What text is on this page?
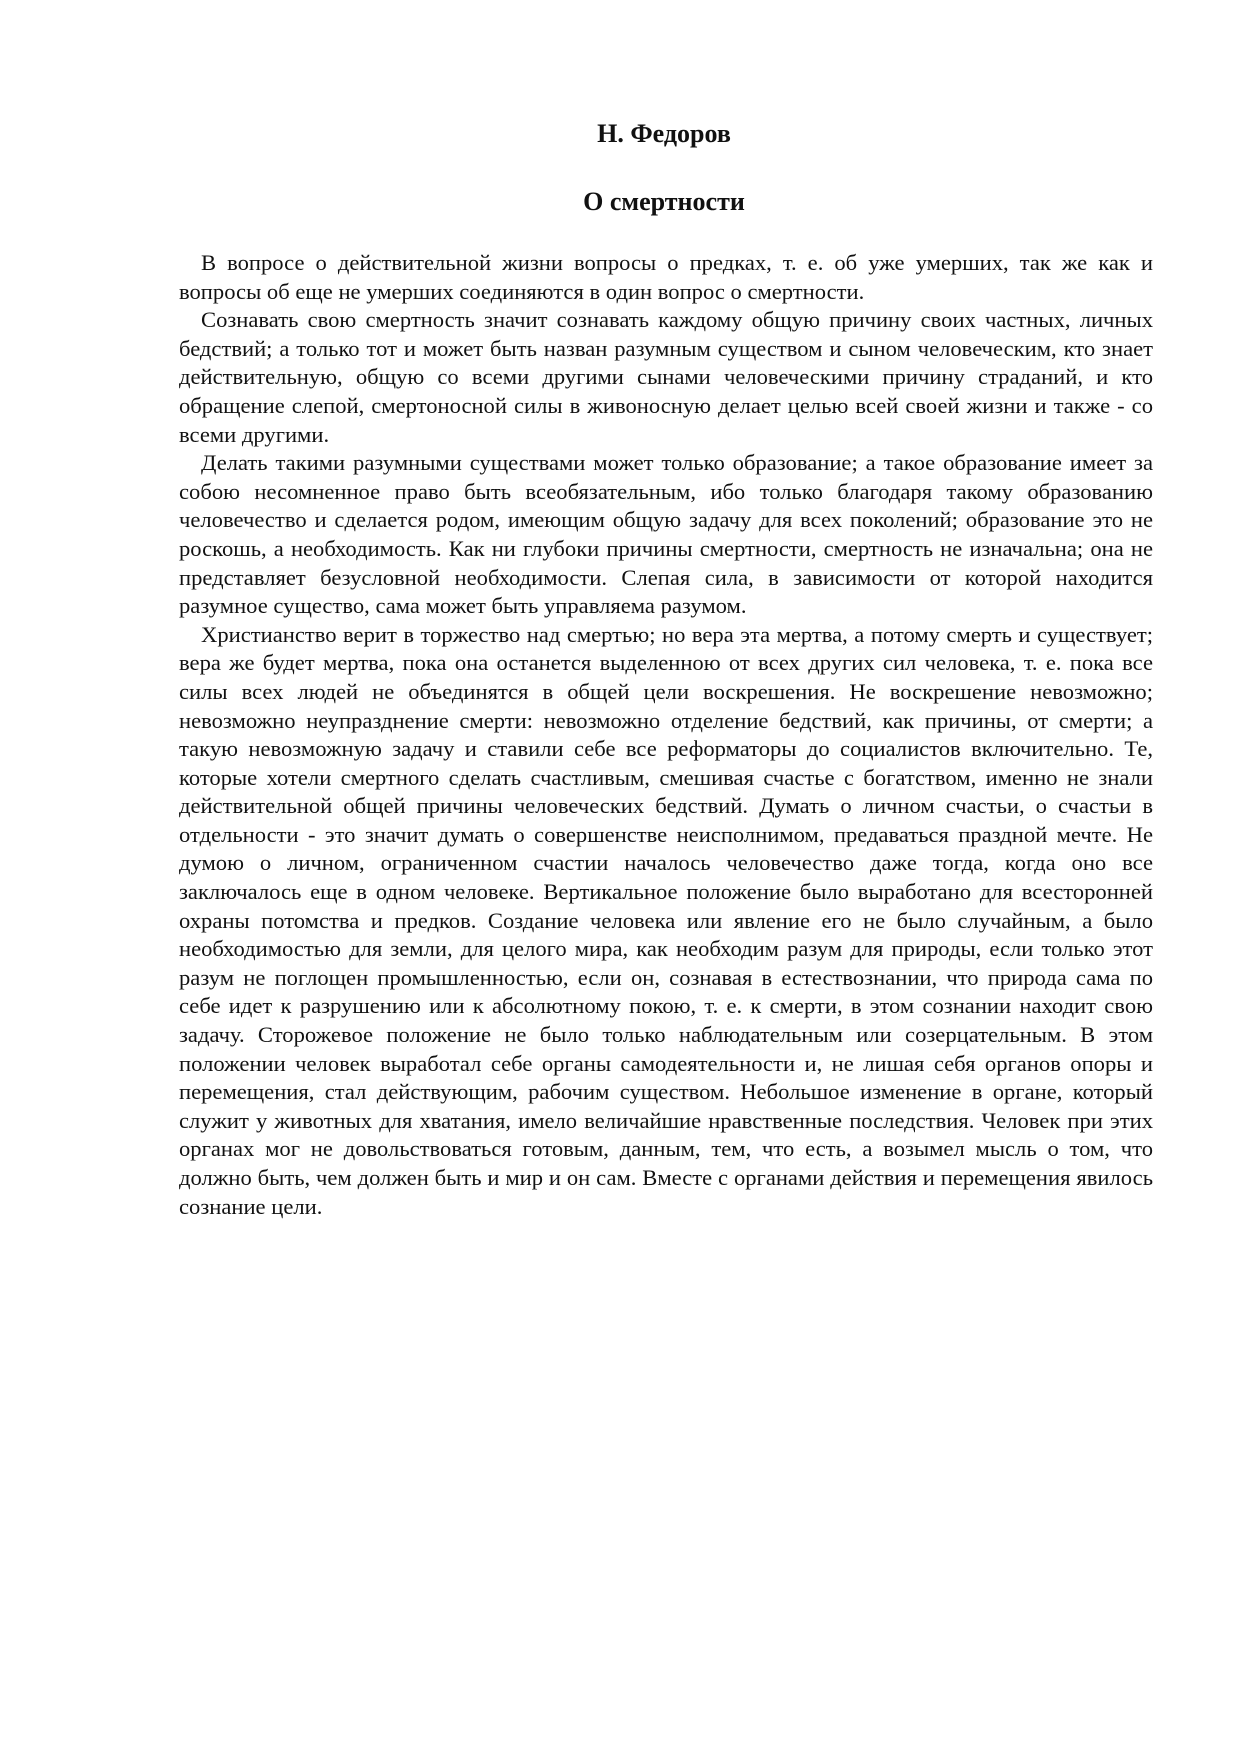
Н. Федоров
О смертности

В вопросе о действительной жизни вопросы о предках, т. е. об уже умерших, так же как и вопросы об еще не умерших соединяются в один вопрос о смертности.

Сознавать свою смертность значит сознавать каждому общую причину своих частных, личных бедствий; а только тот и может быть назван разумным существом и сыном человеческим, кто знает действительную, общую со всеми другими сынами человеческими причину страданий, и кто обращение слепой, смертоносной силы в живоносную делает целью всей своей жизни и также - со всеми другими.

Делать такими разумными существами может только образование; а такое образование имеет за собою несомненное право быть всеобязательным, ибо только благодаря такому образованию человечество и сделается родом, имеющим общую задачу для всех поколений; образование это не роскошь, а необходимость. Как ни глубоки причины смертности, смертность не изначальна; она не представляет безусловной необходимости. Слепая сила, в зависимости от которой находится разумное существо, сама может быть управляема разумом.

Христианство верит в торжество над смертью; но вера эта мертва, а потому смерть и существует; вера же будет мертва, пока она останется выделенною от всех других сил человека, т. е. пока все силы всех людей не объединятся в общей цели воскрешения. Не воскрешение невозможно; невозможно неупразднение смерти: невозможно отделение бедствий, как причины, от смерти; а такую невозможную задачу и ставили себе все реформаторы до социалистов включительно. Те, которые хотели смертного сделать счастливым, смешивая счастье с богатством, именно не знали действительной общей причины человеческих бедствий. Думать о личном счастьи, о счастьи в отдельности - это значит думать о совершенстве неисполнимом, предаваться праздной мечте. Не думою о личном, ограниченном счастии началось человечество даже тогда, когда оно все заключалось еще в одном человеке. Вертикальное положение было выработано для всесторонней охраны потомства и предков. Создание человека или явление его не было случайным, а было необходимостью для земли, для целого мира, как необходим разум для природы, если только этот разум не поглощен промышленностью, если он, сознавая в естествознании, что природа сама по себе идет к разрушению или к абсолютному покою, т. е. к смерти, в этом сознании находит свою задачу. Сторожевое положение не было только наблюдательным или созерцательным. В этом положении человек выработал себе органы самодеятельности и, не лишая себя органов опоры и перемещения, стал действующим, рабочим существом. Небольшое изменение в органе, который служит у животных для хватания, имело величайшие нравственные последствия. Человек при этих органах мог не довольствоваться готовым, данным, тем, что есть, а возымел мысль о том, что должно быть, чем должен быть и мир и он сам. Вместе с органами действия и перемещения явилось сознание цели.
